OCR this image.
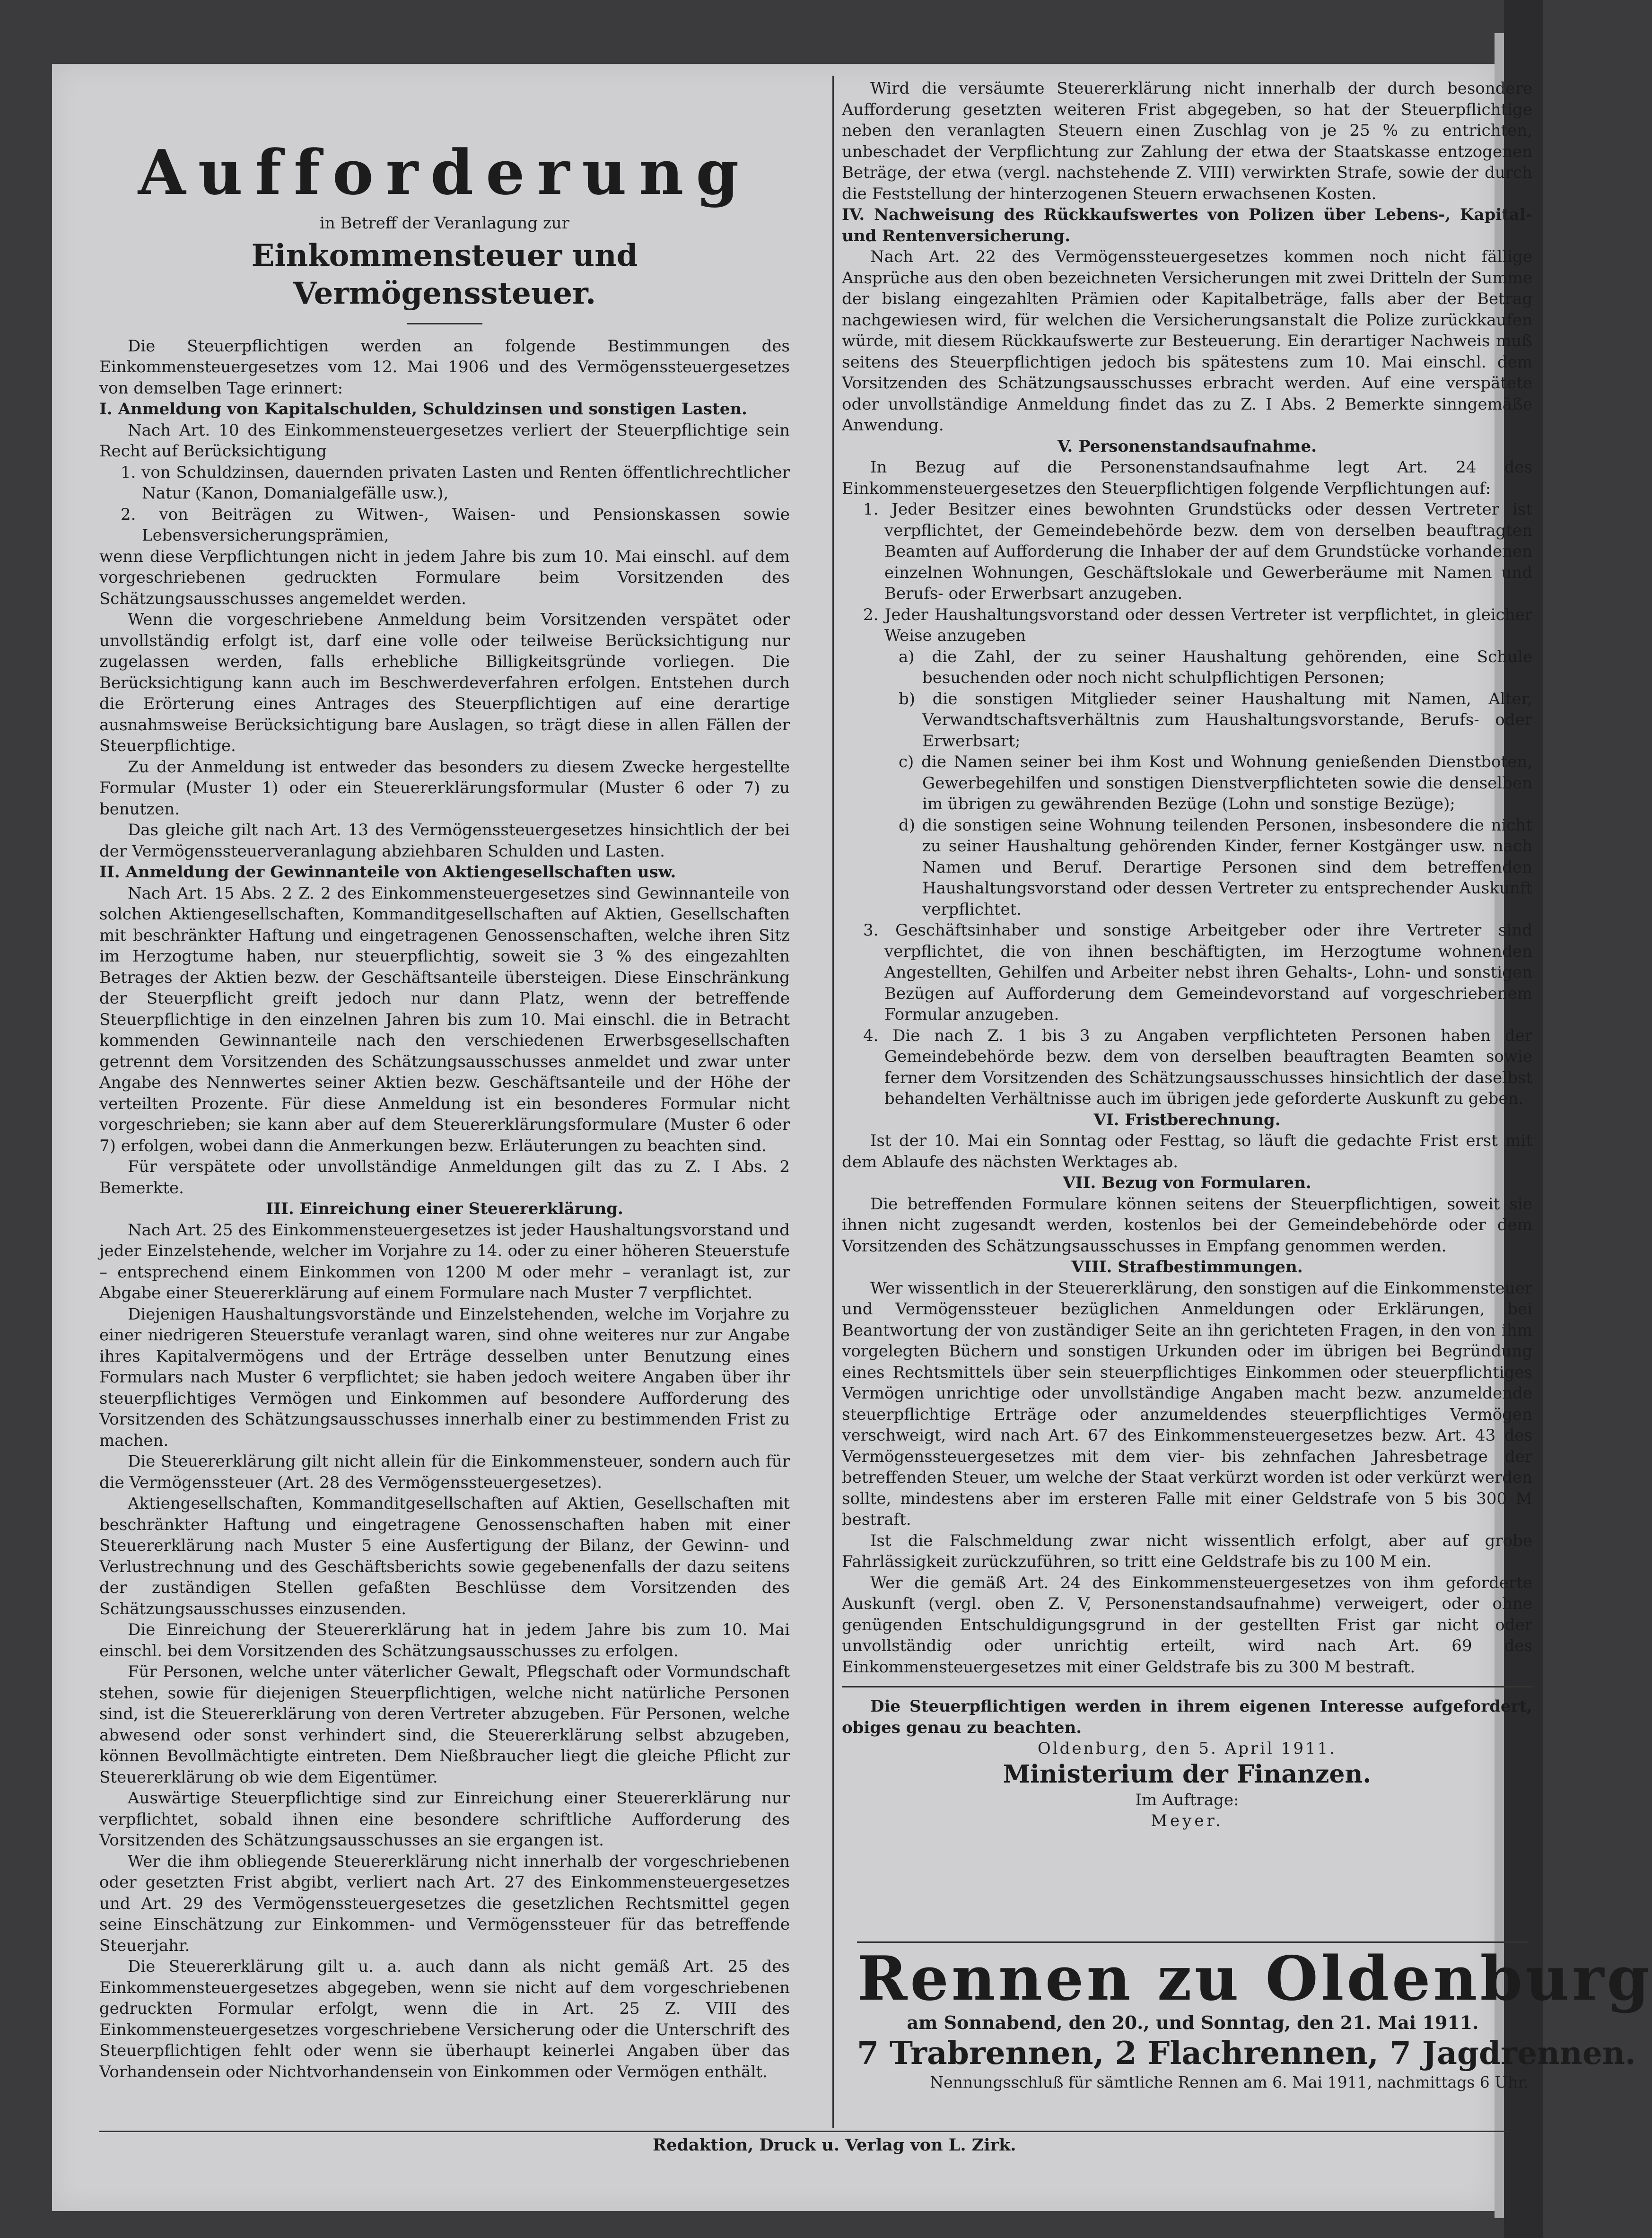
Aufforderung
in Betreff der Veranlagung zur
Einkommensteuer und Vermögenssteuer.

Die Steuerpflichtigen werden an folgende Bestimmungen des Einkommensteuergesetzes vom 12. Mai 1906 und des Vermögenssteuergesetzes von demselben Tage erinnert:

I. Anmeldung von Kapitalschulden, Schuldzinsen und sonstigen Lasten.

Nach Art. 10 des Einkommensteuergesetzes verliert der Steuerpflichtige sein Recht auf Berücksichtigung

1. von Schuldzinsen, dauernden privaten Lasten und Renten öffentlichrechtlicher Natur (Kanon, Domanialgefälle usw.),

2. von Beiträgen zu Witwen-, Waisen- und Pensionskassen sowie Lebensversicherungsprämien,

wenn diese Verpflichtungen nicht in jedem Jahre bis zum 10. Mai einschl. auf dem vorgeschriebenen gedruckten Formulare beim Vorsitzenden des Schätzungsausschusses angemeldet werden.

Wenn die vorgeschriebene Anmeldung beim Vorsitzenden verspätet oder unvollständig erfolgt ist, darf eine volle oder teilweise Berücksichtigung nur zugelassen werden, falls erhebliche Billigkeitsgründe vorliegen. Die Berücksichtigung kann auch im Beschwerdeverfahren erfolgen. Entstehen durch die Erörterung eines Antrages des Steuerpflichtigen auf eine derartige ausnahmsweise Berücksichtigung bare Auslagen, so trägt diese in allen Fällen der Steuerpflichtige.

Zu der Anmeldung ist entweder das besonders zu diesem Zwecke hergestellte Formular (Muster 1) oder ein Steuererklärungsformular (Muster 6 oder 7) zu benutzen.

Das gleiche gilt nach Art. 13 des Vermögenssteuergesetzes hinsichtlich der bei der Vermögenssteuerveranlagung abziehbaren Schulden und Lasten.

II. Anmeldung der Gewinnanteile von Aktiengesellschaften usw.

Nach Art. 15 Abs. 2 Z. 2 des Einkommensteuergesetzes sind Gewinnanteile von solchen Aktiengesellschaften, Kommanditgesellschaften auf Aktien, Gesellschaften mit beschränkter Haftung und eingetragenen Genossenschaften, welche ihren Sitz im Herzogtume haben, nur steuerpflichtig, soweit sie 3 % des eingezahlten Betrages der Aktien bezw. der Geschäftsanteile übersteigen. Diese Einschränkung der Steuerpflicht greift jedoch nur dann Platz, wenn der betreffende Steuerpflichtige in den einzelnen Jahren bis zum 10. Mai einschl. die in Betracht kommenden Gewinnanteile nach den verschiedenen Erwerbsgesellschaften getrennt dem Vorsitzenden des Schätzungsausschusses anmeldet und zwar unter Angabe des Nennwertes seiner Aktien bezw. Geschäftsanteile und der Höhe der verteilten Prozente. Für diese Anmeldung ist ein besonderes Formular nicht vorgeschrieben; sie kann aber auf dem Steuererklärungsformulare (Muster 6 oder 7) erfolgen, wobei dann die Anmerkungen bezw. Erläuterungen zu beachten sind.

Für verspätete oder unvollständige Anmeldungen gilt das zu Z. I Abs. 2 Bemerkte.

III. Einreichung einer Steuererklärung.

Nach Art. 25 des Einkommensteuergesetzes ist jeder Haushaltungsvorstand und jeder Einzelstehende, welcher im Vorjahre zu 14. oder zu einer höheren Steuerstufe – entsprechend einem Einkommen von 1200 M oder mehr – veranlagt ist, zur Abgabe einer Steuererklärung auf einem Formulare nach Muster 7 verpflichtet.

Diejenigen Haushaltungsvorstände und Einzelstehenden, welche im Vorjahre zu einer niedrigeren Steuerstufe veranlagt waren, sind ohne weiteres nur zur Angabe ihres Kapitalvermögens und der Erträge desselben unter Benutzung eines Formulars nach Muster 6 verpflichtet; sie haben jedoch weitere Angaben über ihr steuerpflichtiges Vermögen und Einkommen auf besondere Aufforderung des Vorsitzenden des Schätzungsausschusses innerhalb einer zu bestimmenden Frist zu machen.

Die Steuererklärung gilt nicht allein für die Einkommensteuer, sondern auch für die Vermögenssteuer (Art. 28 des Vermögenssteuergesetzes).

Aktiengesellschaften, Kommanditgesellschaften auf Aktien, Gesellschaften mit beschränkter Haftung und eingetragene Genossenschaften haben mit einer Steuererklärung nach Muster 5 eine Ausfertigung der Bilanz, der Gewinn- und Verlustrechnung und des Geschäftsberichts sowie gegebenenfalls der dazu seitens der zuständigen Stellen gefaßten Beschlüsse dem Vorsitzenden des Schätzungsausschusses einzusenden.

Die Einreichung der Steuererklärung hat in jedem Jahre bis zum 10. Mai einschl. bei dem Vorsitzenden des Schätzungsausschusses zu erfolgen.

Für Personen, welche unter väterlicher Gewalt, Pflegschaft oder Vormundschaft stehen, sowie für diejenigen Steuerpflichtigen, welche nicht natürliche Personen sind, ist die Steuererklärung von deren Vertreter abzugeben. Für Personen, welche abwesend oder sonst verhindert sind, die Steuererklärung selbst abzugeben, können Bevollmächtigte eintreten. Dem Nießbraucher liegt die gleiche Pflicht zur Steuererklärung ob wie dem Eigentümer.

Auswärtige Steuerpflichtige sind zur Einreichung einer Steuererklärung nur verpflichtet, sobald ihnen eine besondere schriftliche Aufforderung des Vorsitzenden des Schätzungsausschusses an sie ergangen ist.

Wer die ihm obliegende Steuererklärung nicht innerhalb der vorgeschriebenen oder gesetzten Frist abgibt, verliert nach Art. 27 des Einkommensteuergesetzes und Art. 29 des Vermögenssteuergesetzes die gesetzlichen Rechtsmittel gegen seine Einschätzung zur Einkommen- und Vermögenssteuer für das betreffende Steuerjahr.

Die Steuererklärung gilt u. a. auch dann als nicht gemäß Art. 25 des Einkommensteuergesetzes abgegeben, wenn sie nicht auf dem vorgeschriebenen gedruckten Formular erfolgt, wenn die in Art. 25 Z. VIII des Einkommensteuergesetzes vorgeschriebene Versicherung oder die Unterschrift des Steuerpflichtigen fehlt oder wenn sie überhaupt keinerlei Angaben über das Vorhandensein oder Nichtvorhandensein von Einkommen oder Vermögen enthält.

Wird die versäumte Steuererklärung nicht innerhalb der durch besondere Aufforderung gesetzten weiteren Frist abgegeben, so hat der Steuerpflichtige neben den veranlagten Steuern einen Zuschlag von je 25 % zu entrichten, unbeschadet der Verpflichtung zur Zahlung der etwa der Staatskasse entzogenen Beträge, der etwa (vergl. nachstehende Z. VIII) verwirkten Strafe, sowie der durch die Feststellung der hinterzogenen Steuern erwachsenen Kosten.

IV. Nachweisung des Rückkaufswertes von Polizen über Lebens-, Kapital- und Rentenversicherung.

Nach Art. 22 des Vermögenssteuergesetzes kommen noch nicht fällige Ansprüche aus den oben bezeichneten Versicherungen mit zwei Dritteln der Summe der bislang eingezahlten Prämien oder Kapitalbeträge, falls aber der Betrag nachgewiesen wird, für welchen die Versicherungsanstalt die Polize zurückkaufen würde, mit diesem Rückkaufswerte zur Besteuerung. Ein derartiger Nachweis muß seitens des Steuerpflichtigen jedoch bis spätestens zum 10. Mai einschl. dem Vorsitzenden des Schätzungsausschusses erbracht werden. Auf eine verspätete oder unvollständige Anmeldung findet das zu Z. I Abs. 2 Bemerkte sinngemäße Anwendung.

V. Personenstandsaufnahme.

In Bezug auf die Personenstandsaufnahme legt Art. 24 des Einkommensteuergesetzes den Steuerpflichtigen folgende Verpflichtungen auf:

1. Jeder Besitzer eines bewohnten Grundstücks oder dessen Vertreter ist verpflichtet, der Gemeindebehörde bezw. dem von derselben beauftragten Beamten auf Aufforderung die Inhaber der auf dem Grundstücke vorhandenen einzelnen Wohnungen, Geschäftslokale und Gewerberäume mit Namen und Berufs- oder Erwerbsart anzugeben.

2. Jeder Haushaltungsvorstand oder dessen Vertreter ist verpflichtet, in gleicher Weise anzugeben

a) die Zahl, der zu seiner Haushaltung gehörenden, eine Schule besuchenden oder noch nicht schulpflichtigen Personen;

b) die sonstigen Mitglieder seiner Haushaltung mit Namen, Alter, Verwandtschaftsverhältnis zum Haushaltungsvorstande, Berufs- oder Erwerbsart;

c) die Namen seiner bei ihm Kost und Wohnung genießenden Dienstboten, Gewerbegehilfen und sonstigen Dienstverpflichteten sowie die denselben im übrigen zu gewährenden Bezüge (Lohn und sonstige Bezüge);

d) die sonstigen seine Wohnung teilenden Personen, insbesondere die nicht zu seiner Haushaltung gehörenden Kinder, ferner Kostgänger usw. nach Namen und Beruf. Derartige Personen sind dem betreffenden Haushaltungsvorstand oder dessen Vertreter zu entsprechender Auskunft verpflichtet.

3. Geschäftsinhaber und sonstige Arbeitgeber oder ihre Vertreter sind verpflichtet, die von ihnen beschäftigten, im Herzogtume wohnenden Angestellten, Gehilfen und Arbeiter nebst ihren Gehalts-, Lohn- und sonstigen Bezügen auf Aufforderung dem Gemeindevorstand auf vorgeschriebenem Formular anzugeben.

4. Die nach Z. 1 bis 3 zu Angaben verpflichteten Personen haben der Gemeindebehörde bezw. dem von derselben beauftragten Beamten sowie ferner dem Vorsitzenden des Schätzungsausschusses hinsichtlich der daselbst behandelten Verhältnisse auch im übrigen jede geforderte Auskunft zu geben.

VI. Fristberechnung.

Ist der 10. Mai ein Sonntag oder Festtag, so läuft die gedachte Frist erst mit dem Ablaufe des nächsten Werktages ab.

VII. Bezug von Formularen.

Die betreffenden Formulare können seitens der Steuerpflichtigen, soweit sie ihnen nicht zugesandt werden, kostenlos bei der Gemeindebehörde oder dem Vorsitzenden des Schätzungsausschusses in Empfang genommen werden.

VIII. Strafbestimmungen.

Wer wissentlich in der Steuererklärung, den sonstigen auf die Einkommensteuer und Vermögenssteuer bezüglichen Anmeldungen oder Erklärungen, bei Beantwortung der von zuständiger Seite an ihn gerichteten Fragen, in den von ihm vorgelegten Büchern und sonstigen Urkunden oder im übrigen bei Begründung eines Rechtsmittels über sein steuerpflichtiges Einkommen oder steuerpflichtiges Vermögen unrichtige oder unvollständige Angaben macht bezw. anzumeldende steuerpflichtige Erträge oder anzumeldendes steuerpflichtiges Vermögen verschweigt, wird nach Art. 67 des Einkommensteuergesetzes bezw. Art. 43 des Vermögenssteuergesetzes mit dem vier- bis zehnfachen Jahresbetrage der betreffenden Steuer, um welche der Staat verkürzt worden ist oder verkürzt werden sollte, mindestens aber im ersteren Falle mit einer Geldstrafe von 5 bis 300 M bestraft.

Ist die Falschmeldung zwar nicht wissentlich erfolgt, aber auf grobe Fahrlässigkeit zurückzuführen, so tritt eine Geldstrafe bis zu 100 M ein.

Wer die gemäß Art. 24 des Einkommensteuergesetzes von ihm geforderte Auskunft (vergl. oben Z. V, Personenstandsaufnahme) verweigert, oder ohne genügenden Entschuldigungsgrund in der gestellten Frist gar nicht oder unvollständig oder unrichtig erteilt, wird nach Art. 69 des Einkommensteuergesetzes mit einer Geldstrafe bis zu 300 M bestraft.

Die Steuerpflichtigen werden in ihrem eigenen Interesse aufgefordert, obiges genau zu beachten.

Oldenburg, den 5. April 1911.

Ministerium der Finanzen.

Im Auftrage:

Meyer.

Rennen zu Oldenburg
am Sonnabend, den 20., und Sonntag, den 21. Mai 1911.
7 Trabrennen, 2 Flachrennen, 7 Jagdrennen.
Nennungsschluß für sämtliche Rennen am 6. Mai 1911, nachmittags 6 Uhr.
Redaktion, Druck u. Verlag von L. Zirk.
